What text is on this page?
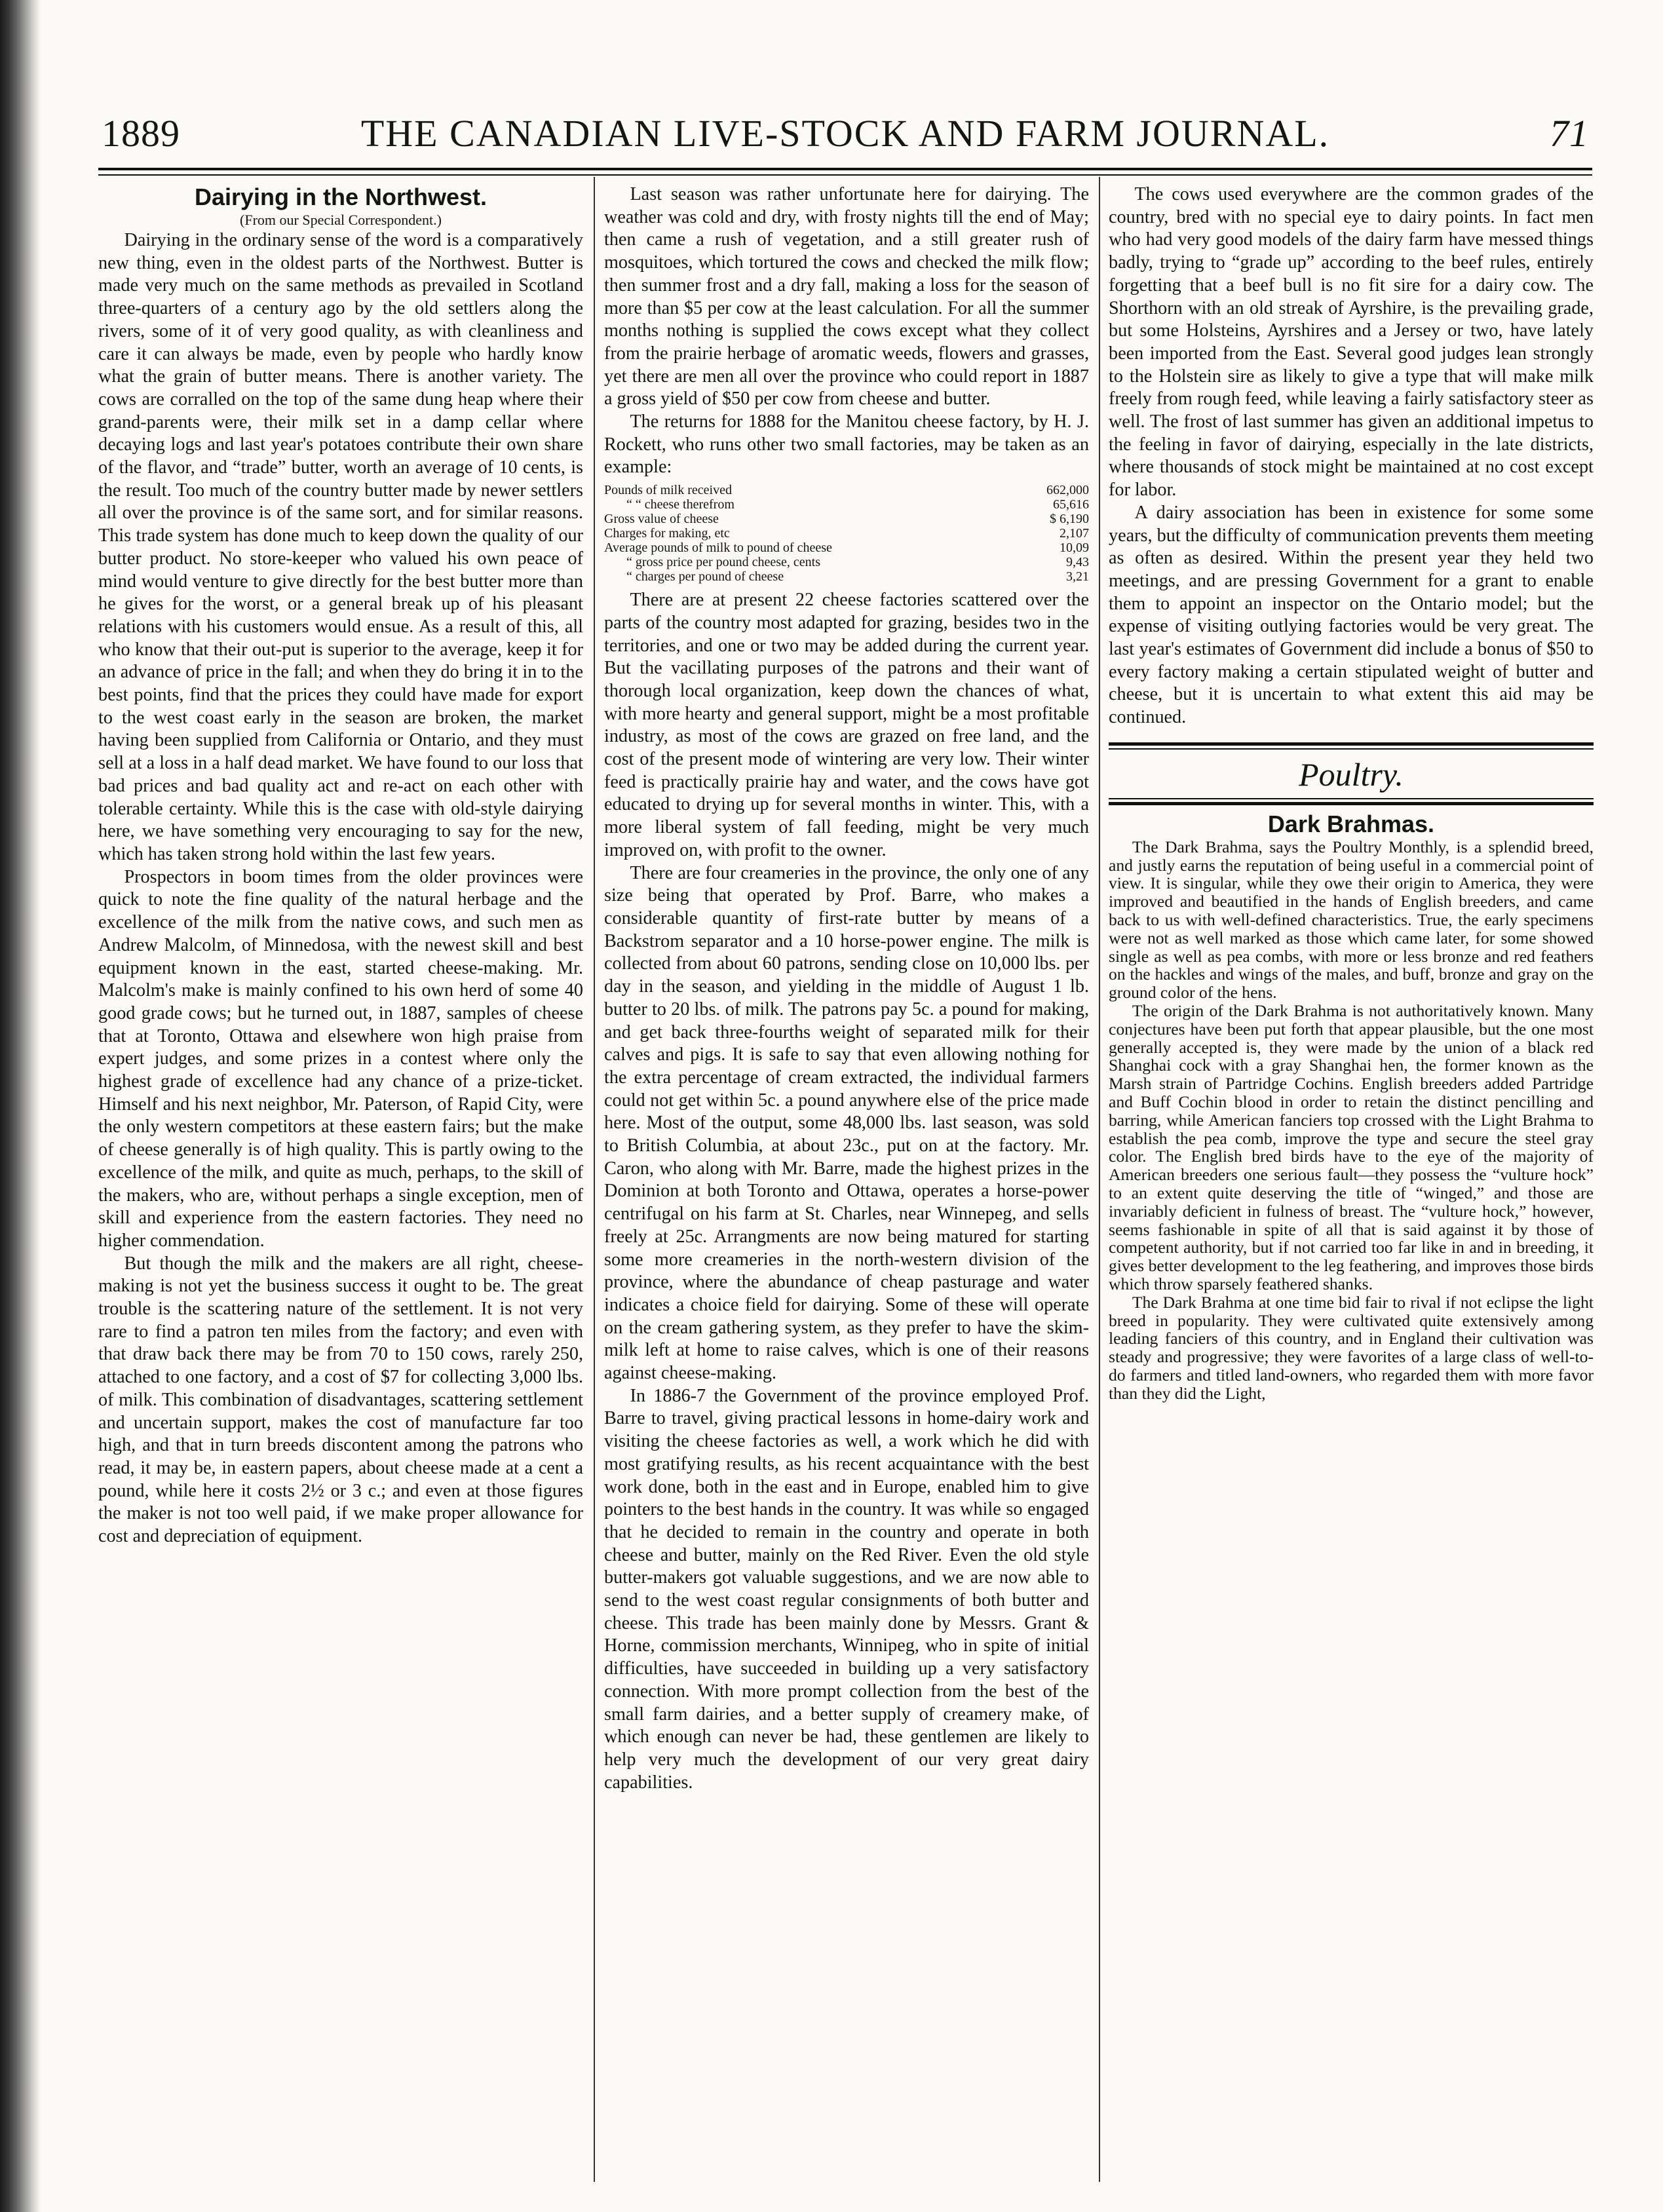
1889	THE CANADIAN LIVE-STOCK AND FARM JOURNAL.	71
Dairying in the Northwest.
(From our Special Correspondent.)

Dairying in the ordinary sense of the word is a comparatively new thing, even in the oldest parts of the Northwest. Butter is made very much on the same methods as prevailed in Scotland three-quarters of a century ago by the old settlers along the rivers, some of it of very good quality, as with cleanliness and care it can always be made, even by people who hardly know what the grain of butter means. There is another variety. The cows are corralled on the top of the same dung heap where their grand-parents were, their milk set in a damp cellar where decaying logs and last year's potatoes contribute their own share of the flavor, and “trade” butter, worth an average of 10 cents, is the result. Too much of the country butter made by newer settlers all over the province is of the same sort, and for similar reasons. This trade system has done much to keep down the quality of our butter product. No store-keeper who valued his own peace of mind would venture to give directly for the best butter more than he gives for the worst, or a general break up of his pleasant relations with his customers would ensue. As a result of this, all who know that their out-put is superior to the average, keep it for an advance of price in the fall; and when they do bring it in to the best points, find that the prices they could have made for export to the west coast early in the season are broken, the market having been supplied from California or Ontario, and they must sell at a loss in a half dead market. We have found to our loss that bad prices and bad quality act and re-act on each other with tolerable certainty. While this is the case with old-style dairying here, we have something very encouraging to say for the new, which has taken strong hold within the last few years.

Prospectors in boom times from the older provinces were quick to note the fine quality of the natural herbage and the excellence of the milk from the native cows, and such men as Andrew Malcolm, of Minnedosa, with the newest skill and best equipment known in the east, started cheese-making. Mr. Malcolm's make is mainly confined to his own herd of some 40 good grade cows; but he turned out, in 1887, samples of cheese that at Toronto, Ottawa and elsewhere won high praise from expert judges, and some prizes in a contest where only the highest grade of excellence had any chance of a prize-ticket. Himself and his next neighbor, Mr. Paterson, of Rapid City, were the only western competitors at these eastern fairs; but the make of cheese generally is of high quality. This is partly owing to the excellence of the milk, and quite as much, perhaps, to the skill of the makers, who are, without perhaps a single exception, men of skill and experience from the eastern factories. They need no higher commendation.

But though the milk and the makers are all right, cheese-making is not yet the business success it ought to be. The great trouble is the scattering nature of the settlement. It is not very rare to find a patron ten miles from the factory; and even with that draw back there may be from 70 to 150 cows, rarely 250, attached to one factory, and a cost of $7 for collecting 3,000 lbs. of milk. This combination of disadvantages, scattering settlement and uncertain support, makes the cost of manufacture far too high, and that in turn breeds discontent among the patrons who read, it may be, in eastern papers, about cheese made at a cent a pound, while here it costs 2½ or 3 c.; and even at those figures the maker is not too well paid, if we make proper allowance for cost and depreciation of equipment.

Last season was rather unfortunate here for dairying. The weather was cold and dry, with frosty nights till the end of May; then came a rush of vegetation, and a still greater rush of mosquitoes, which tortured the cows and checked the milk flow; then summer frost and a dry fall, making a loss for the season of more than $5 per cow at the least calculation. For all the summer months nothing is supplied the cows except what they collect from the prairie herbage of aromatic weeds, flowers and grasses, yet there are men all over the province who could report in 1887 a gross yield of $50 per cow from cheese and butter.

The returns for 1888 for the Manitou cheese factory, by H. J. Rockett, who runs other two small factories, may be taken as an example:

Pounds of milk received	662,000
“ “ cheese therefrom	65,616
Gross value of cheese	$ 6,190
Charges for making, etc	2,107
Average pounds of milk to pound of cheese	10,09
“ gross price per pound cheese, cents	9,43
“ charges per pound of cheese	3,21

There are at present 22 cheese factories scattered over the parts of the country most adapted for grazing, besides two in the territories, and one or two may be added during the current year. But the vacillating purposes of the patrons and their want of thorough local organization, keep down the chances of what, with more hearty and general support, might be a most profitable industry, as most of the cows are grazed on free land, and the cost of the present mode of wintering are very low. Their winter feed is practically prairie hay and water, and the cows have got educated to drying up for several months in winter. This, with a more liberal system of fall feeding, might be very much improved on, with profit to the owner.

There are four creameries in the province, the only one of any size being that operated by Prof. Barre, who makes a considerable quantity of first-rate butter by means of a Backstrom separator and a 10 horse-power engine. The milk is collected from about 60 patrons, sending close on 10,000 lbs. per day in the season, and yielding in the middle of August 1 lb. butter to 20 lbs. of milk. The patrons pay 5c. a pound for making, and get back three-fourths weight of separated milk for their calves and pigs. It is safe to say that even allowing nothing for the extra percentage of cream extracted, the individual farmers could not get within 5c. a pound anywhere else of the price made here. Most of the output, some 48,000 lbs. last season, was sold to British Columbia, at about 23c., put on at the factory. Mr. Caron, who along with Mr. Barre, made the highest prizes in the Dominion at both Toronto and Ottawa, operates a horse-power centrifugal on his farm at St. Charles, near Winnepeg, and sells freely at 25c. Arrangments are now being matured for starting some more creameries in the north-western division of the province, where the abundance of cheap pasturage and water indicates a choice field for dairying. Some of these will operate on the cream gathering system, as they prefer to have the skim-milk left at home to raise calves, which is one of their reasons against cheese-making.

In 1886-7 the Government of the province employed Prof. Barre to travel, giving practical lessons in home-dairy work and visiting the cheese factories as well, a work which he did with most gratifying results, as his recent acquaintance with the best work done, both in the east and in Europe, enabled him to give pointers to the best hands in the country. It was while so engaged that he decided to remain in the country and operate in both cheese and butter, mainly on the Red River. Even the old style butter-makers got valuable suggestions, and we are now able to send to the west coast regular consignments of both butter and cheese. This trade has been mainly done by Messrs. Grant & Horne, commission merchants, Winnipeg, who in spite of initial difficulties, have succeeded in building up a very satisfactory connection. With more prompt collection from the best of the small farm dairies, and a better supply of creamery make, of which enough can never be had, these gentlemen are likely to help very much the development of our very great dairy capabilities.

The cows used everywhere are the common grades of the country, bred with no special eye to dairy points. In fact men who had very good models of the dairy farm have messed things badly, trying to “grade up” according to the beef rules, entirely forgetting that a beef bull is no fit sire for a dairy cow. The Shorthorn with an old streak of Ayrshire, is the prevailing grade, but some Holsteins, Ayrshires and a Jersey or two, have lately been imported from the East. Several good judges lean strongly to the Holstein sire as likely to give a type that will make milk freely from rough feed, while leaving a fairly satisfactory steer as well. The frost of last summer has given an additional impetus to the feeling in favor of dairying, especially in the late districts, where thousands of stock might be maintained at no cost except for labor.

A dairy association has been in existence for some some years, but the difficulty of communication prevents them meeting as often as desired. Within the present year they held two meetings, and are pressing Government for a grant to enable them to appoint an inspector on the Ontario model; but the expense of visiting outlying factories would be very great. The last year's estimates of Government did include a bonus of $50 to every factory making a certain stipulated weight of butter and cheese, but it is uncertain to what extent this aid may be continued.

Poultry.
Dark Brahmas.

The Dark Brahma, says the Poultry Monthly, is a splendid breed, and justly earns the reputation of being useful in a commercial point of view. It is singular, while they owe their origin to America, they were improved and beautified in the hands of English breeders, and came back to us with well-defined characteristics. True, the early specimens were not as well marked as those which came later, for some showed single as well as pea combs, with more or less bronze and red feathers on the hackles and wings of the males, and buff, bronze and gray on the ground color of the hens.

The origin of the Dark Brahma is not authoritatively known. Many conjectures have been put forth that appear plausible, but the one most generally accepted is, they were made by the union of a black red Shanghai cock with a gray Shanghai hen, the former known as the Marsh strain of Partridge Cochins. English breeders added Partridge and Buff Cochin blood in order to retain the distinct pencilling and barring, while American fanciers top crossed with the Light Brahma to establish the pea comb, improve the type and secure the steel gray color. The English bred birds have to the eye of the majority of American breeders one serious fault—they possess the “vulture hock” to an extent quite deserving the title of “winged,” and those are invariably deficient in fulness of breast. The “vulture hock,” however, seems fashionable in spite of all that is said against it by those of competent authority, but if not carried too far like in and in breeding, it gives better development to the leg feathering, and improves those birds which throw sparsely feathered shanks.

The Dark Brahma at one time bid fair to rival if not eclipse the light breed in popularity. They were cultivated quite extensively among leading fanciers of this country, and in England their cultivation was steady and progressive; they were favorites of a large class of well-to-do farmers and titled land-owners, who regarded them with more favor than they did the Light,
